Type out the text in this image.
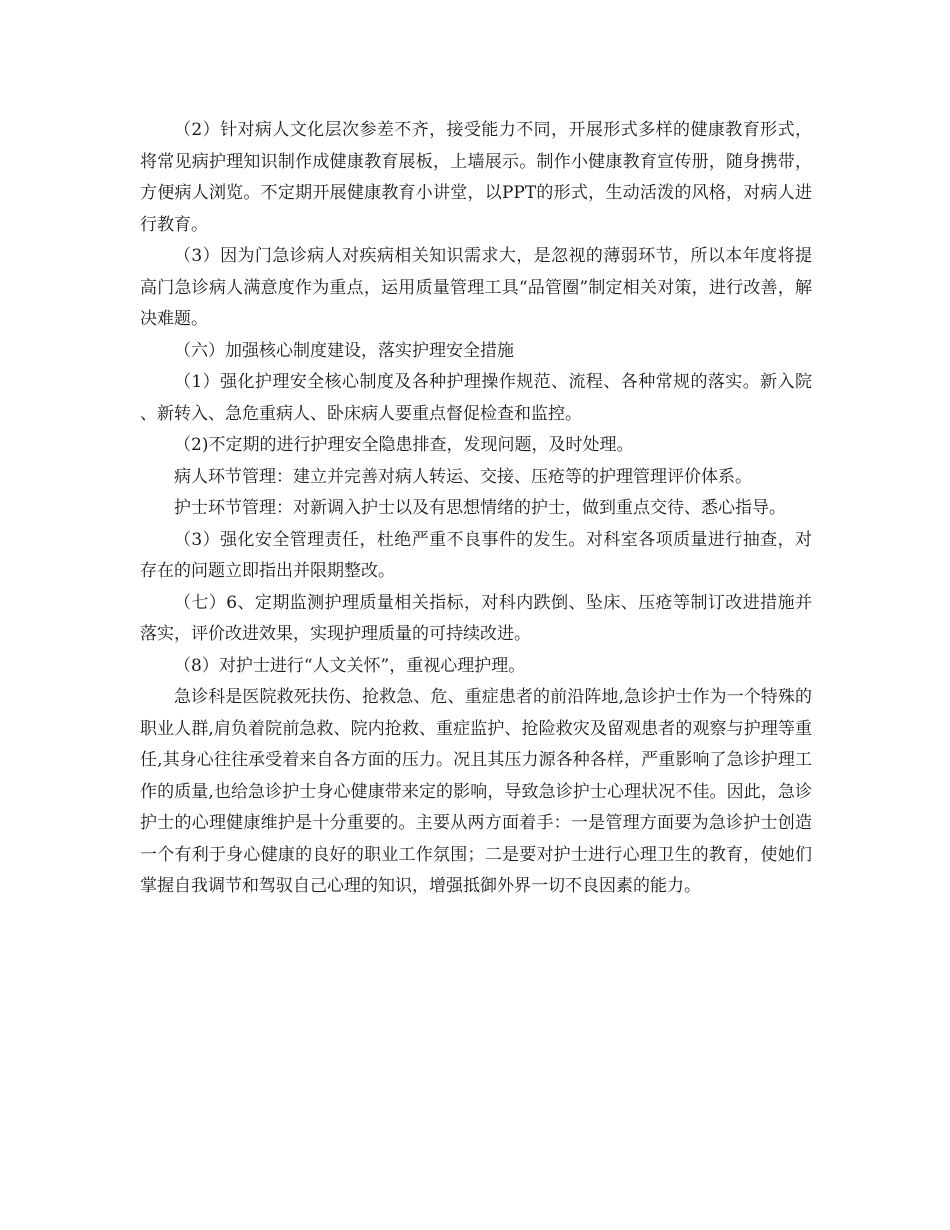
（2）针对病人文化层次参差不齐，接受能力不同，开展形式多样的健康教育形式，将常见病护理知识制作成健康教育展板，上墙展示。制作小健康教育宣传册，随身携带，方便病人浏览。不定期开展健康教育小讲堂，以PPT的形式，生动活泼的风格，对病人进行教育。

（3）因为门急诊病人对疾病相关知识需求大，是忽视的薄弱环节，所以本年度将提高门急诊病人满意度作为重点，运用质量管理工具“品管圈”制定相关对策，进行改善，解决难题。

（六）加强核心制度建设，落实护理安全措施

（1）强化护理安全核心制度及各种护理操作规范、流程、各种常规的落实。新入院、新转入、急危重病人、卧床病人要重点督促检查和监控。

（2)不定期的进行护理安全隐患排查，发现问题，及时处理。

病人环节管理：建立并完善对病人转运、交接、压疮等的护理管理评价体系。

护士环节管理：对新调入护士以及有思想情绪的护士，做到重点交待、悉心指导。

（3）强化安全管理责任，杜绝严重不良事件的发生。对科室各项质量进行抽查，对存在的问题立即指出并限期整改。

（七）6、定期监测护理质量相关指标，对科内跌倒、坠床、压疮等制订改进措施并落实，评价改进效果，实现护理质量的可持续改进。

（8）对护士进行“人文关怀”，重视心理护理。

急诊科是医院救死扶伤、抢救急、危、重症患者的前沿阵地,急诊护士作为一个特殊的职业人群,肩负着院前急救、院内抢救、重症监护、抢险救灾及留观患者的观察与护理等重任,其身心往往承受着来自各方面的压力。况且其压力源各种各样，严重影响了急诊护理工作的质量,也给急诊护士身心健康带来定的影响，导致急诊护士心理状况不佳。因此，急诊护士的心理健康维护是十分重要的。主要从两方面着手：一是管理方面要为急诊护士创造一个有利于身心健康的良好的职业工作氛围；二是要对护士进行心理卫生的教育，使她们掌握自我调节和驾驭自己心理的知识，增强抵御外界一切不良因素的能力。
